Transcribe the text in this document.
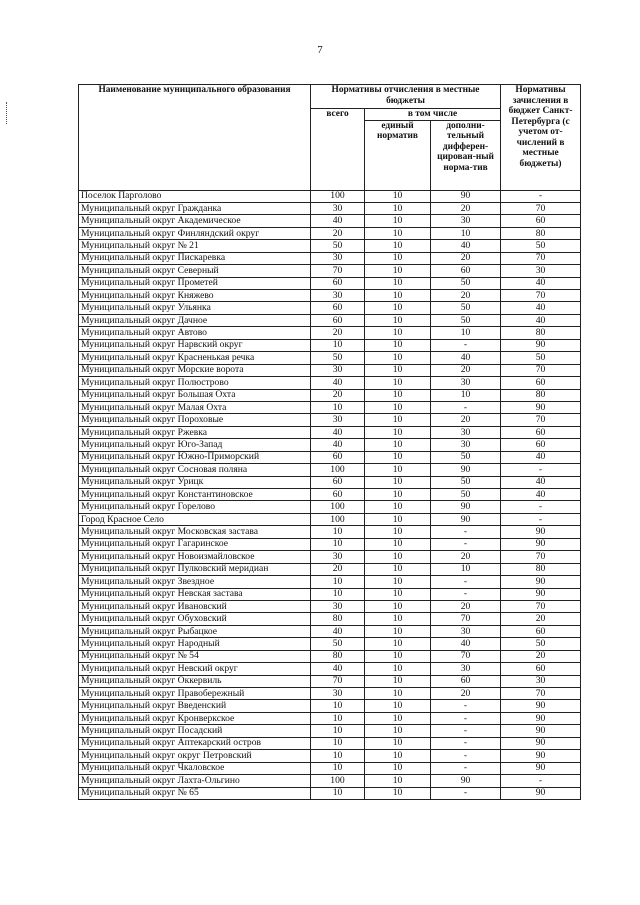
7
Наименование муниципального образования	Нормативы отчисления в местные бюджеты			Нормативы зачисления в бюджет Санкт-Петербурга (с учетом от-числений в местные бюджеты)
	всего	в том числе		
		единый норматив	дополни-тельный дифферен-цирован-ный норма-тив	
Поселок Парголово	100	10	90	-
Муниципальный округ Гражданка	30	10	20	70
Муниципальный округ Академическое	40	10	30	60
Муниципальный округ Финляндский округ	20	10	10	80
Муниципальный округ № 21	50	10	40	50
Муниципальный округ Пискаревка	30	10	20	70
Муниципальный округ Северный	70	10	60	30
Муниципальный округ Прометей	60	10	50	40
Муниципальный округ Княжево	30	10	20	70
Муниципальный округ Ульянка	60	10	50	40
Муниципальный округ Дачное	60	10	50	40
Муниципальный округ Автово	20	10	10	80
Муниципальный округ Нарвский округ	10	10	-	90
Муниципальный округ Красненькая речка	50	10	40	50
Муниципальный округ Морские ворота	30	10	20	70
Муниципальный округ Полюстрово	40	10	30	60
Муниципальный округ Большая Охта	20	10	10	80
Муниципальный округ Малая Охта	10	10	-	90
Муниципальный округ Пороховые	30	10	20	70
Муниципальный округ Ржевка	40	10	30	60
Муниципальный округ Юго-Запад	40	10	30	60
Муниципальный округ Южно-Приморский	60	10	50	40
Муниципальный округ Сосновая поляна	100	10	90	-
Муниципальный округ Урицк	60	10	50	40
Муниципальный округ Константиновское	60	10	50	40
Муниципальный округ Горелово	100	10	90	-
Город Красное Село	100	10	90	-
Муниципальный округ Московская застава	10	10	-	90
Муниципальный округ Гагаринское	10	10	-	90
Муниципальный округ Новоизмайловское	30	10	20	70
Муниципальный округ Пулковский меридиан	20	10	10	80
Муниципальный округ Звездное	10	10	-	90
Муниципальный округ Невская застава	10	10	-	90
Муниципальный округ Ивановский	30	10	20	70
Муниципальный округ Обуховский	80	10	70	20
Муниципальный округ Рыбацкое	40	10	30	60
Муниципальный округ Народный	50	10	40	50
Муниципальный округ № 54	80	10	70	20
Муниципальный округ Невский округ	40	10	30	60
Муниципальный округ Оккервиль	70	10	60	30
Муниципальный округ Правобережный	30	10	20	70
Муниципальный округ Введенский	10	10	-	90
Муниципальный округ Кронверкское	10	10	-	90
Муниципальный округ Посадский	10	10	-	90
Муниципальный округ Аптекарский остров	10	10	-	90
Муниципальный округ округ Петровский	10	10	-	90
Муниципальный округ Чкаловское	10	10	-	90
Муниципальный округ Лахта-Ольгино	100	10	90	-
Муниципальный округ № 65	10	10	-	90
